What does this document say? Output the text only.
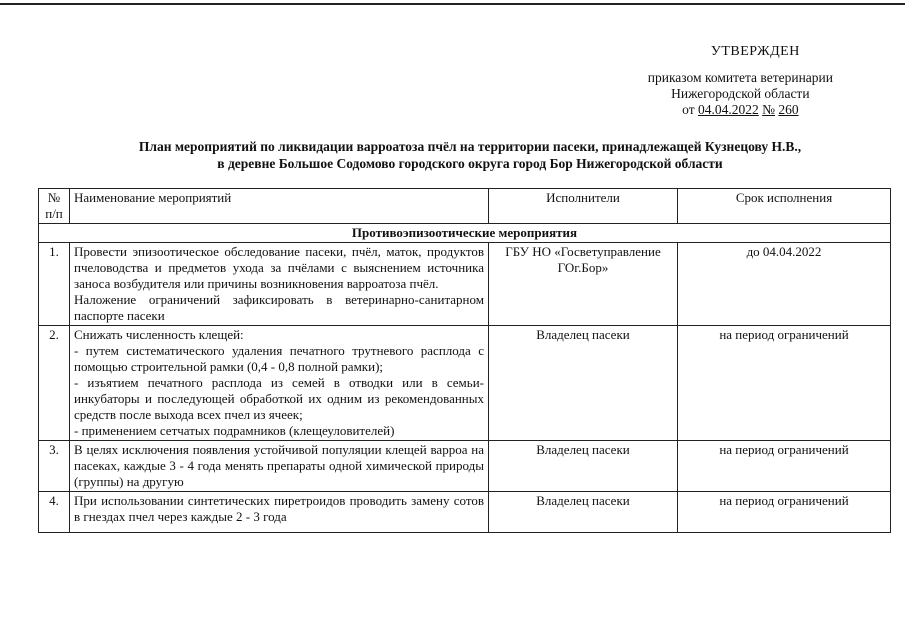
УТВЕРЖДЕН
приказом комитета ветеринарии
Нижегородской области
от 04.04.2022 № 260
План мероприятий по ликвидации варроатоза пчёл на территории пасеки, принадлежащей Кузнецову Н.В.,
в деревне Большое Содомово городского округа город Бор Нижегородской области
№
п/п	Наименование мероприятий	Исполнители	Срок исполнения
Противоэпизоотические мероприятия			
1.	Провести эпизоотическое обследование пасеки, пчёл, маток, продуктов пчеловодства и предметов ухода за пчёлами с выяснением источника заноса возбудителя или причины возникновения варроатоза пчёл.
Наложение ограничений зафиксировать в ветеринарно-санитарном паспорте пасеки	ГБУ НО «Госветуправление ГОг.Бор»	до 04.04.2022
2.	Снижать численность клещей:
- путем систематического удаления печатного трутневого расплода с помощью строительной рамки (0,4 - 0,8 полной рамки);
- изъятием печатного расплода из семей в отводки или в семьи-инкубаторы и последующей обработкой их одним из рекомендованных средств после выхода всех пчел из ячеек;
- применением сетчатых подрамников (клещеуловителей)	Владелец пасеки	на период ограничений
3.	В целях исключения появления устойчивой популяции клещей варроа на пасеках, каждые 3 - 4 года менять препараты одной химической природы (группы) на другую	Владелец пасеки	на период ограничений
4.	При использовании синтетических пиретроидов проводить замену сотов в гнездах пчел через каждые 2 - 3 года	Владелец пасеки	на период ограничений
